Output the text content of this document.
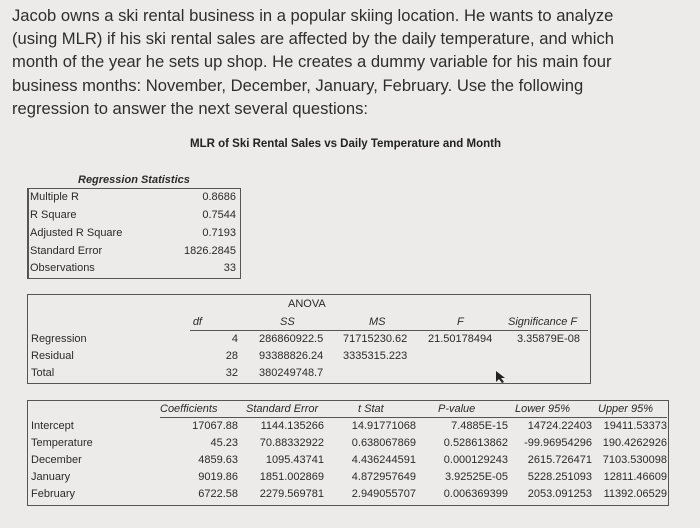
Jacob owns a ski rental business in a popular skiing location. He wants to analyze
(using MLR) if his ski rental sales are affected by the daily temperature, and which
month of the year he sets up shop. He creates a dummy variable for his main four
business months: November, December, January, February. Use the following
regression to answer the next several questions:
MLR of Ski Rental Sales vs Daily Temperature and Month
Regression Statistics
Multiple R	0.8686
R Square	0.7544
Adjusted R Square	0.7193
Standard Error	1826.2845
Observations	33
ANOVA
df	SS	MS	F	Significance F
Regression	4 286860922.5 71715230.62 21.50178494 3.35879E-08
Residual	28 93388826.24 3335315.223
Total	32 380249748.7
Coefficients	Standard Error	t Stat	P-value	Lower 95%	Upper 95%
Intercept	17067.88	1144.135266	14.91771068	7.4885E-15	14724.22403	19411.53373
Temperature	45.23	70.88332922	0.638067869	0.528613862	-99.96954296 190.4262926
December	4859.63	1095.43741	4.436244591	0.000129243	2615.726471 7103.530098
January	9019.86	1851.002869	4.872957649	3.92525E-05	5228.251093	12811.46609
February	6722.58	2279.569781	2.949055707	0.006369399	2053.091253	11392.06529
